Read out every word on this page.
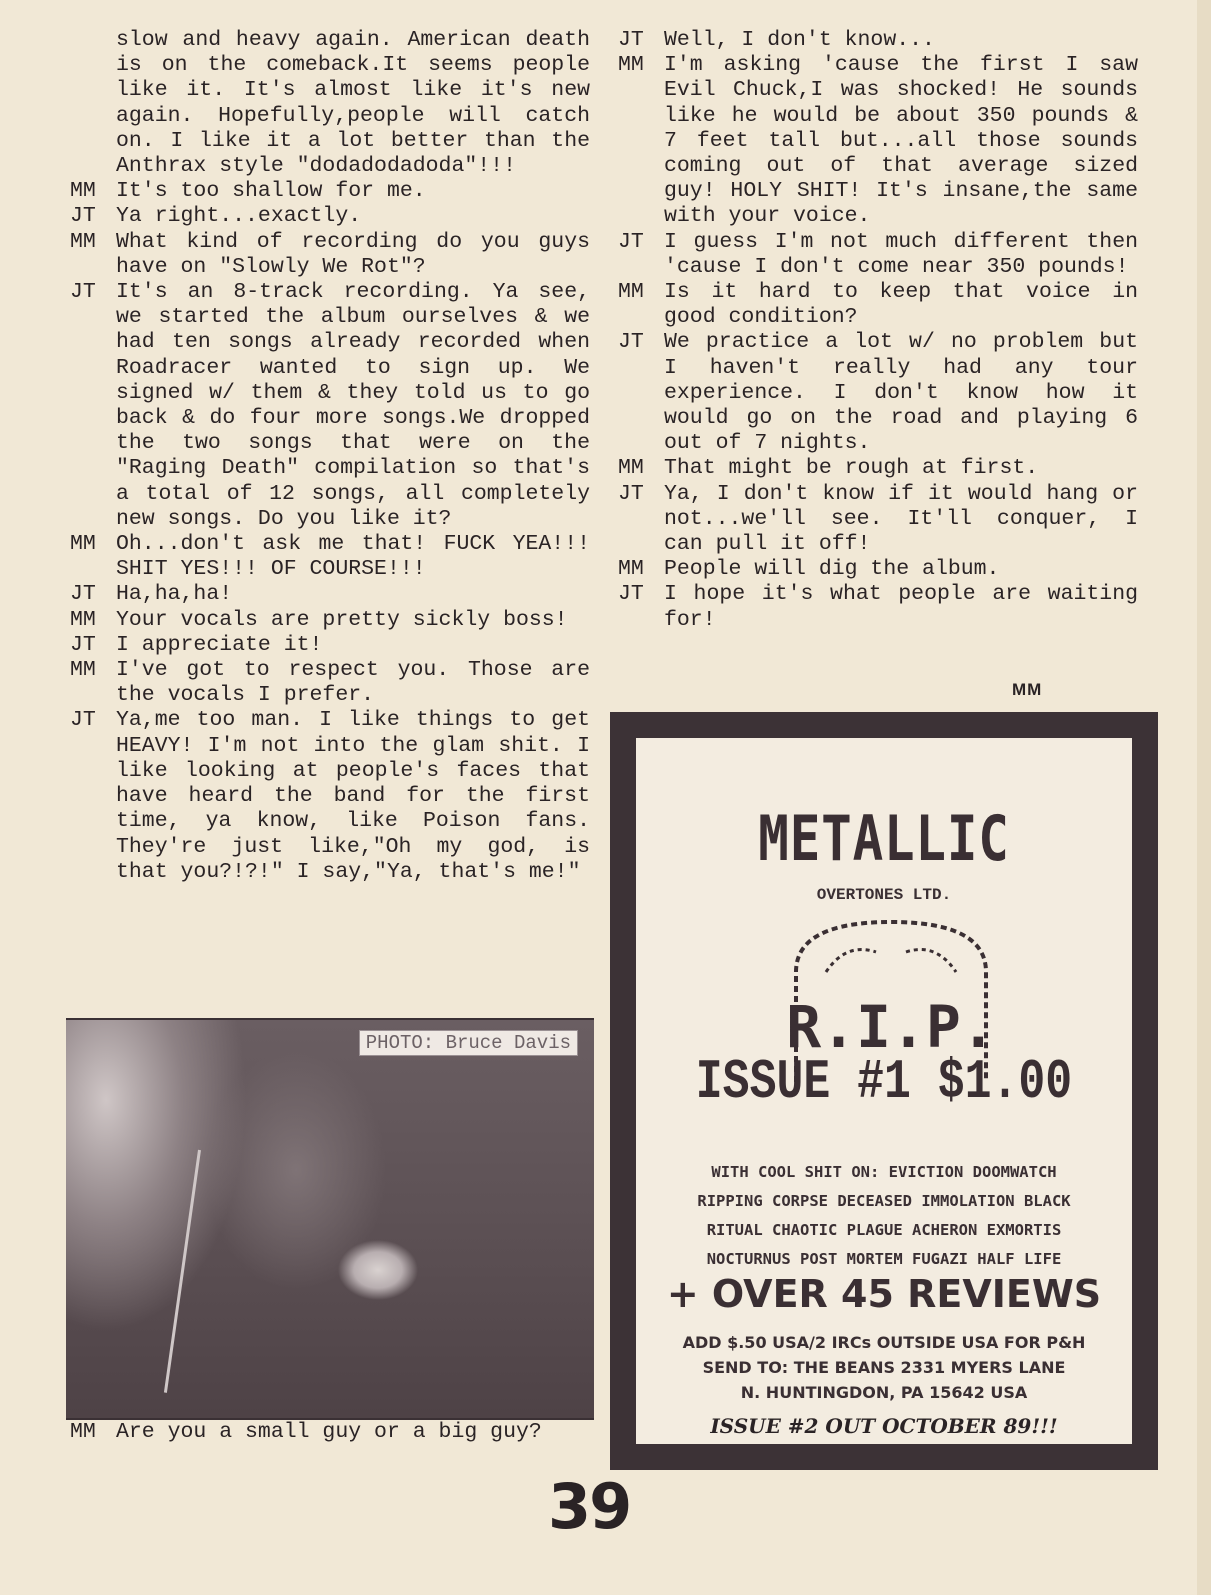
slow and heavy again. American death is on the comeback.It seems people like it. It's almost like it's new again. Hopefully,people will catch on. I like it a lot better than the Anthrax style "dodadodadoda"!!!
MM It's too shallow for me.
JT Ya right...exactly.
MM What kind of recording do you guys have on "Slowly We Rot"?
JT It's an 8-track recording. Ya see, we started the album ourselves & we had ten songs already recorded when Roadracer wanted to sign up. We signed w/ them & they told us to go back & do four more songs.We dropped the two songs that were on the "Raging Death" compilation so that's a total of 12 songs, all completely new songs. Do you like it?
MM Oh...don't ask me that! FUCK YEA!!! SHIT YES!!! OF COURSE!!!
JT Ha,ha,ha!
MM Your vocals are pretty sickly boss!
JT I appreciate it!
MM I've got to respect you. Those are the vocals I prefer.
JT Ya,me too man. I like things to get HEAVY! I'm not into the glam shit. I like looking at people's faces that have heard the band for the first time, ya know, like Poison fans. They're just like,"Oh my god, is that you?!?!" I say,"Ya, that's me!"
JT Well, I don't know...
MM I'm asking 'cause the first I saw Evil Chuck,I was shocked! He sounds like he would be about 350 pounds & 7 feet tall but...all those sounds coming out of that average sized guy! HOLY SHIT! It's insane,the same with your voice.
JT I guess I'm not much different then 'cause I don't come near 350 pounds!
MM Is it hard to keep that voice in good condition?
JT We practice a lot w/ no problem but I haven't really had any tour experience. I don't know how it would go on the road and playing 6 out of 7 nights.
MM That might be rough at first.
JT Ya, I don't know if it would hang or not...we'll see. It'll conquer, I can pull it off!
MM People will dig the album.
JT I hope it's what people are waiting for!
MM
PHOTO: Bruce Davis
MM Are you a small guy or a big guy?
METALLIC
OVERTONES LTD.
R.I.P.
ISSUE #1 $1.00
WITH COOL SHIT ON: EVICTION DOOMWATCH
RIPPING CORPSE DECEASED IMMOLATION BLACK
RITUAL CHAOTIC PLAGUE ACHERON EXMORTIS
NOCTURNUS POST MORTEM FUGAZI HALF LIFE
+ OVER 45 REVIEWS
ADD $.50 USA/2 IRCs OUTSIDE USA FOR P&H
SEND TO: THE BEANS 2331 MYERS LANE
N. HUNTINGDON, PA 15642 USA
ISSUE #2 OUT OCTOBER 89!!!
39
